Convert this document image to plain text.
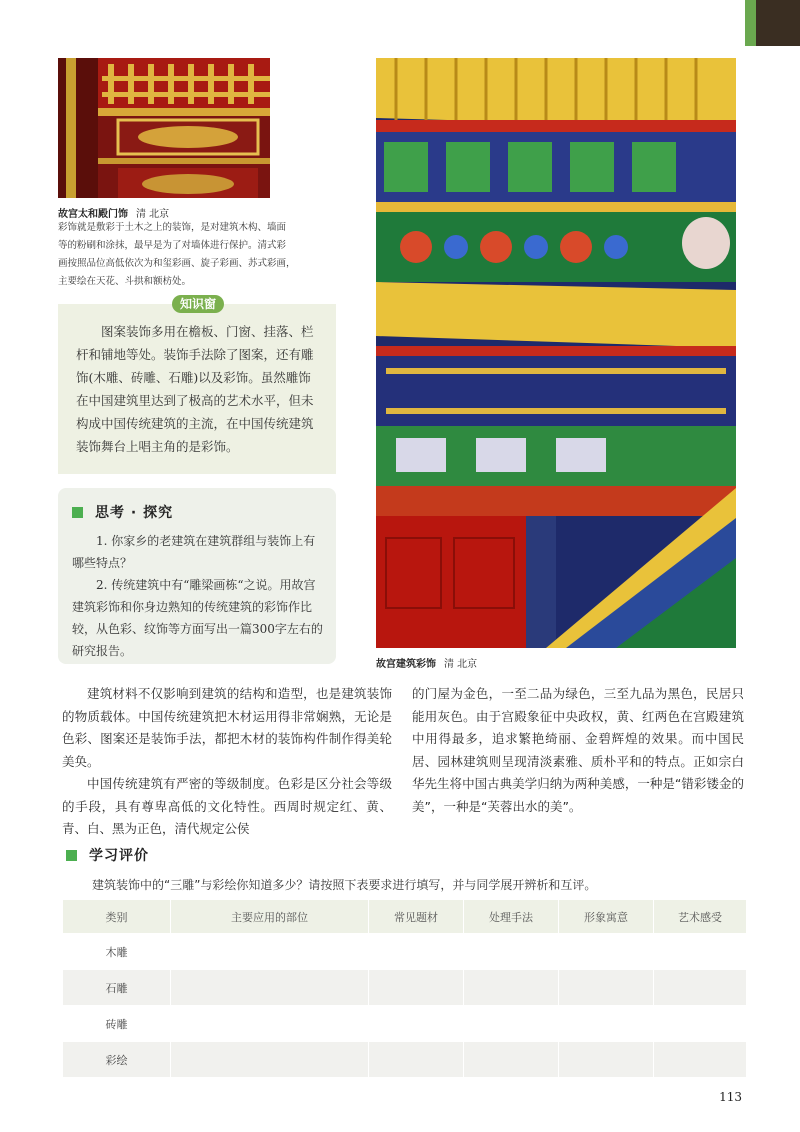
故宫太和殿门饰 清 北京
彩饰就是敷彩于土木之上的装饰，是对建筑木构、墙面
等的粉刷和涂抹，最早是为了对墙体进行保护。清式彩
画按照品位高低依次为和玺彩画、旋子彩画、苏式彩画，
主要绘在天花、斗拱和额枋处。

图案装饰多用在檐板、门窗、挂落、栏杆和铺地等处。装饰手法除了图案，还有雕饰(木雕、砖雕、石雕)以及彩饰。虽然雕饰在中国建筑里达到了极高的艺术水平，但未构成中国传统建筑的主流，在中国传统建筑装饰舞台上唱主角的是彩饰。

知识窗
思考 · 探究

1. 你家乡的老建筑在建筑群组与装饰上有哪些特点？

2. 传统建筑中有“雕梁画栋“之说。用故宫建筑彩饰和你身边熟知的传统建筑的彩饰作比较，从色彩、纹饰等方面写出一篇300字左右的研究报告。

故宫建筑彩饰 清 北京

建筑材料不仅影响到建筑的结构和造型，也是建筑装饰的物质载体。中国传统建筑把木材运用得非常娴熟，无论是色彩、图案还是装饰手法，都把木材的装饰构件制作得美轮美奂。

中国传统建筑有严密的等级制度。色彩是区分社会等级的手段，具有尊卑高低的文化特性。西周时规定红、黄、青、白、黑为正色，清代规定公侯

的门屋为金色，一至二品为绿色，三至九品为黑色，民居只能用灰色。由于宫殿象征中央政权，黄、红两色在宫殿建筑中用得最多，追求繁艳绮丽、金碧辉煌的效果。而中国民居、园林建筑则呈现清淡素雅、质朴平和的特点。正如宗白华先生将中国古典美学归纳为两种美感，一种是“错彩镂金的美”，一种是“芙蓉出水的美”。

学习评价
建筑装饰中的“三雕”与彩绘你知道多少？请按照下表要求进行填写，并与同学展开辨析和互评。
类别	主要应用的部位	常见题材	处理手法	形象寓意	艺术感受
木雕					
石雕					
砖雕					
彩绘					
113
